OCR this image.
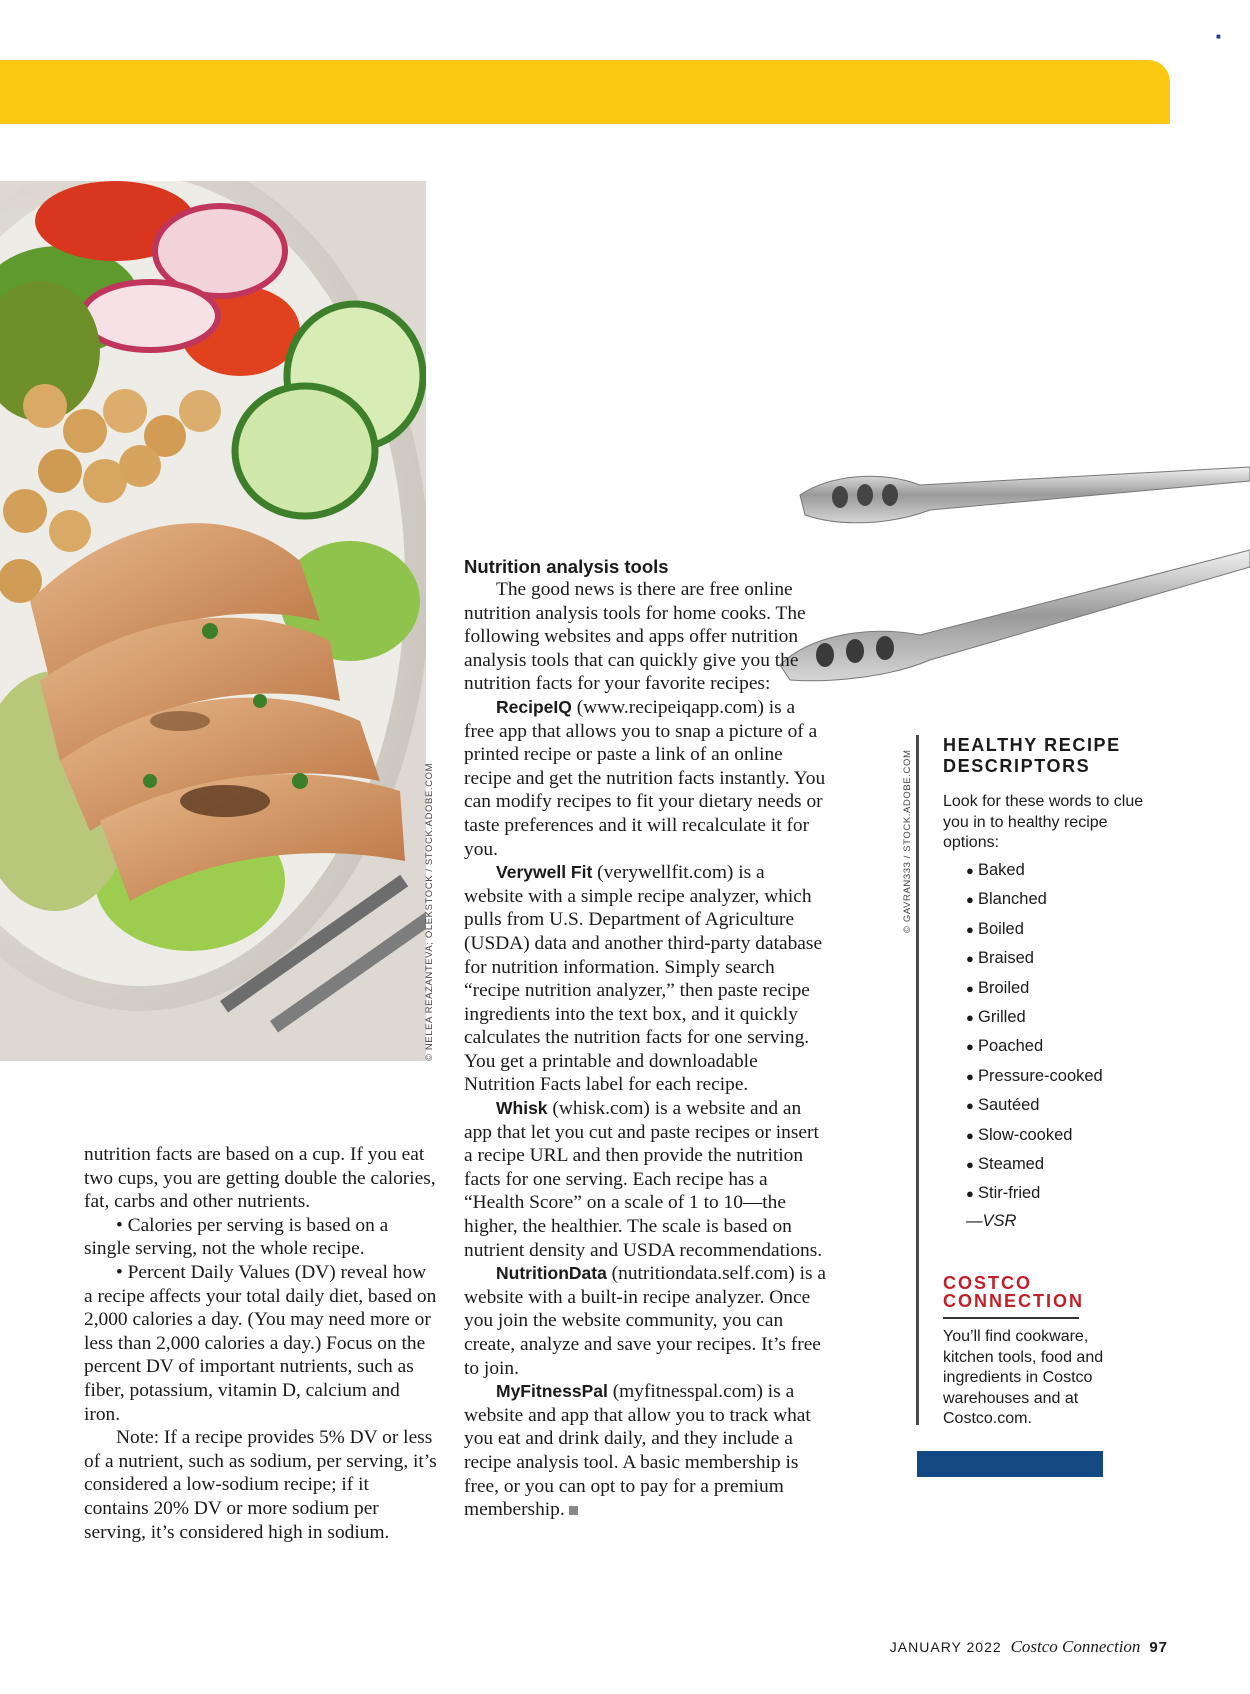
■
© NELEA REAZANTEVA; OLEKSTOCK / STOCK.ADOBE.COM	© GAVRAN333 / STOCK.ADOBE.COM

nutrition facts are based on a cup. If you eat two cups, you are getting double the calories, fat, carbs and other nutrients.

• Calories per serving is based on a single serving, not the whole recipe.

• Percent Daily Values (DV) reveal how a recipe affects your total daily diet, based on 2,000 calories a day. (You may need more or less than 2,000 calories a day.) Focus on the percent DV of important nutrients, such as fiber, potassium, vitamin D, calcium and iron.

Note: If a recipe provides 5% DV or less of a nutrient, such as sodium, per serving, it’s considered a low-sodium recipe; if it contains 20% DV or more sodium per serving, it’s considered high in sodium.

Nutrition analysis tools

The good news is there are free online nutrition analysis tools for home cooks. The following websites and apps offer nutrition analysis tools that can quickly give you the nutrition facts for your favorite recipes:

RecipeIQ (www.recipeiqapp.com) is a free app that allows you to snap a picture of a printed recipe or paste a link of an online recipe and get the nutrition facts instantly. You can modify recipes to fit your dietary needs or taste preferences and it will recalculate it for you.

Verywell Fit (verywellfit.com) is a website with a simple recipe analyzer, which pulls from U.S. Department of Agriculture (USDA) data and another third-party database for nutrition information. Simply search “recipe nutrition analyzer,” then paste recipe ingredients into the text box, and it quickly calculates the nutrition facts for one serving. You get a printable and downloadable Nutrition Facts label for each recipe.

Whisk (whisk.com) is a website and an app that let you cut and paste recipes or insert a recipe URL and then provide the nutrition facts for one serving. Each recipe has a “Health Score” on a scale of 1 to 10—the higher, the healthier. The scale is based on nutrient density and USDA recommendations.

NutritionData (nutritiondata.self.com) is a website with a built-in recipe analyzer. Once you join the website community, you can create, analyze and save your recipes. It’s free to join.

MyFitnessPal (myfitnesspal.com) is a website and app that allow you to track what you eat and drink daily, and they include a recipe analysis tool. A basic membership is free, or you can opt to pay for a premium membership.

HEALTHY RECIPE DESCRIPTORS
Look for these words to clue you in to healthy recipe options:
● Baked
● Blanched
● Boiled
● Braised
● Broiled
● Grilled
● Poached
● Pressure-cooked
● Sautéed
● Slow-cooked
● Steamed
● Stir-fried
—VSR
COSTCO CONNECTION
You’ll find cookware, kitchen tools, food and ingredients in Costco warehouses and at Costco.com.
JANUARY 2022 Costco Connection 97
